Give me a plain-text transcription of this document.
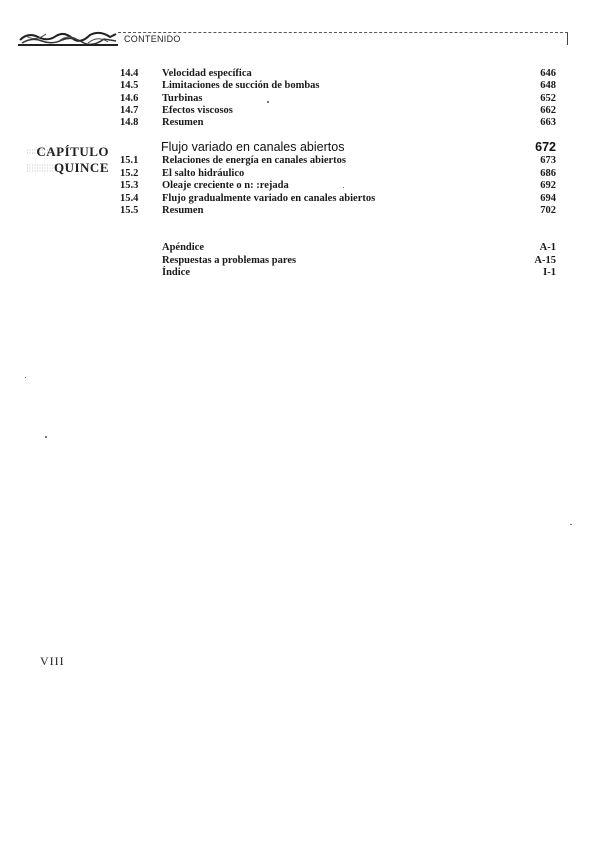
CONTENIDO
14.4 Velocidad específica	646
14.5 Limitaciones de succión de bombas	648
14.6 Turbinas	652
14.7 Efectos viscosos	662
14.8 Resumen	663
CAPÍTULO
QUINCE
Flujo variado en canales abiertos	672
15.1 Relaciones de energía en canales abiertos	673
15.2 El salto hidráulico	686
15.3 Oleaje creciente o n: :rejada	692
15.4 Flujo gradualmente variado en canales abiertos	694
15.5 Resumen	702
Apéndice	A-1
Respuestas a problemas pares	A-15
Índice	I-1
VIII
